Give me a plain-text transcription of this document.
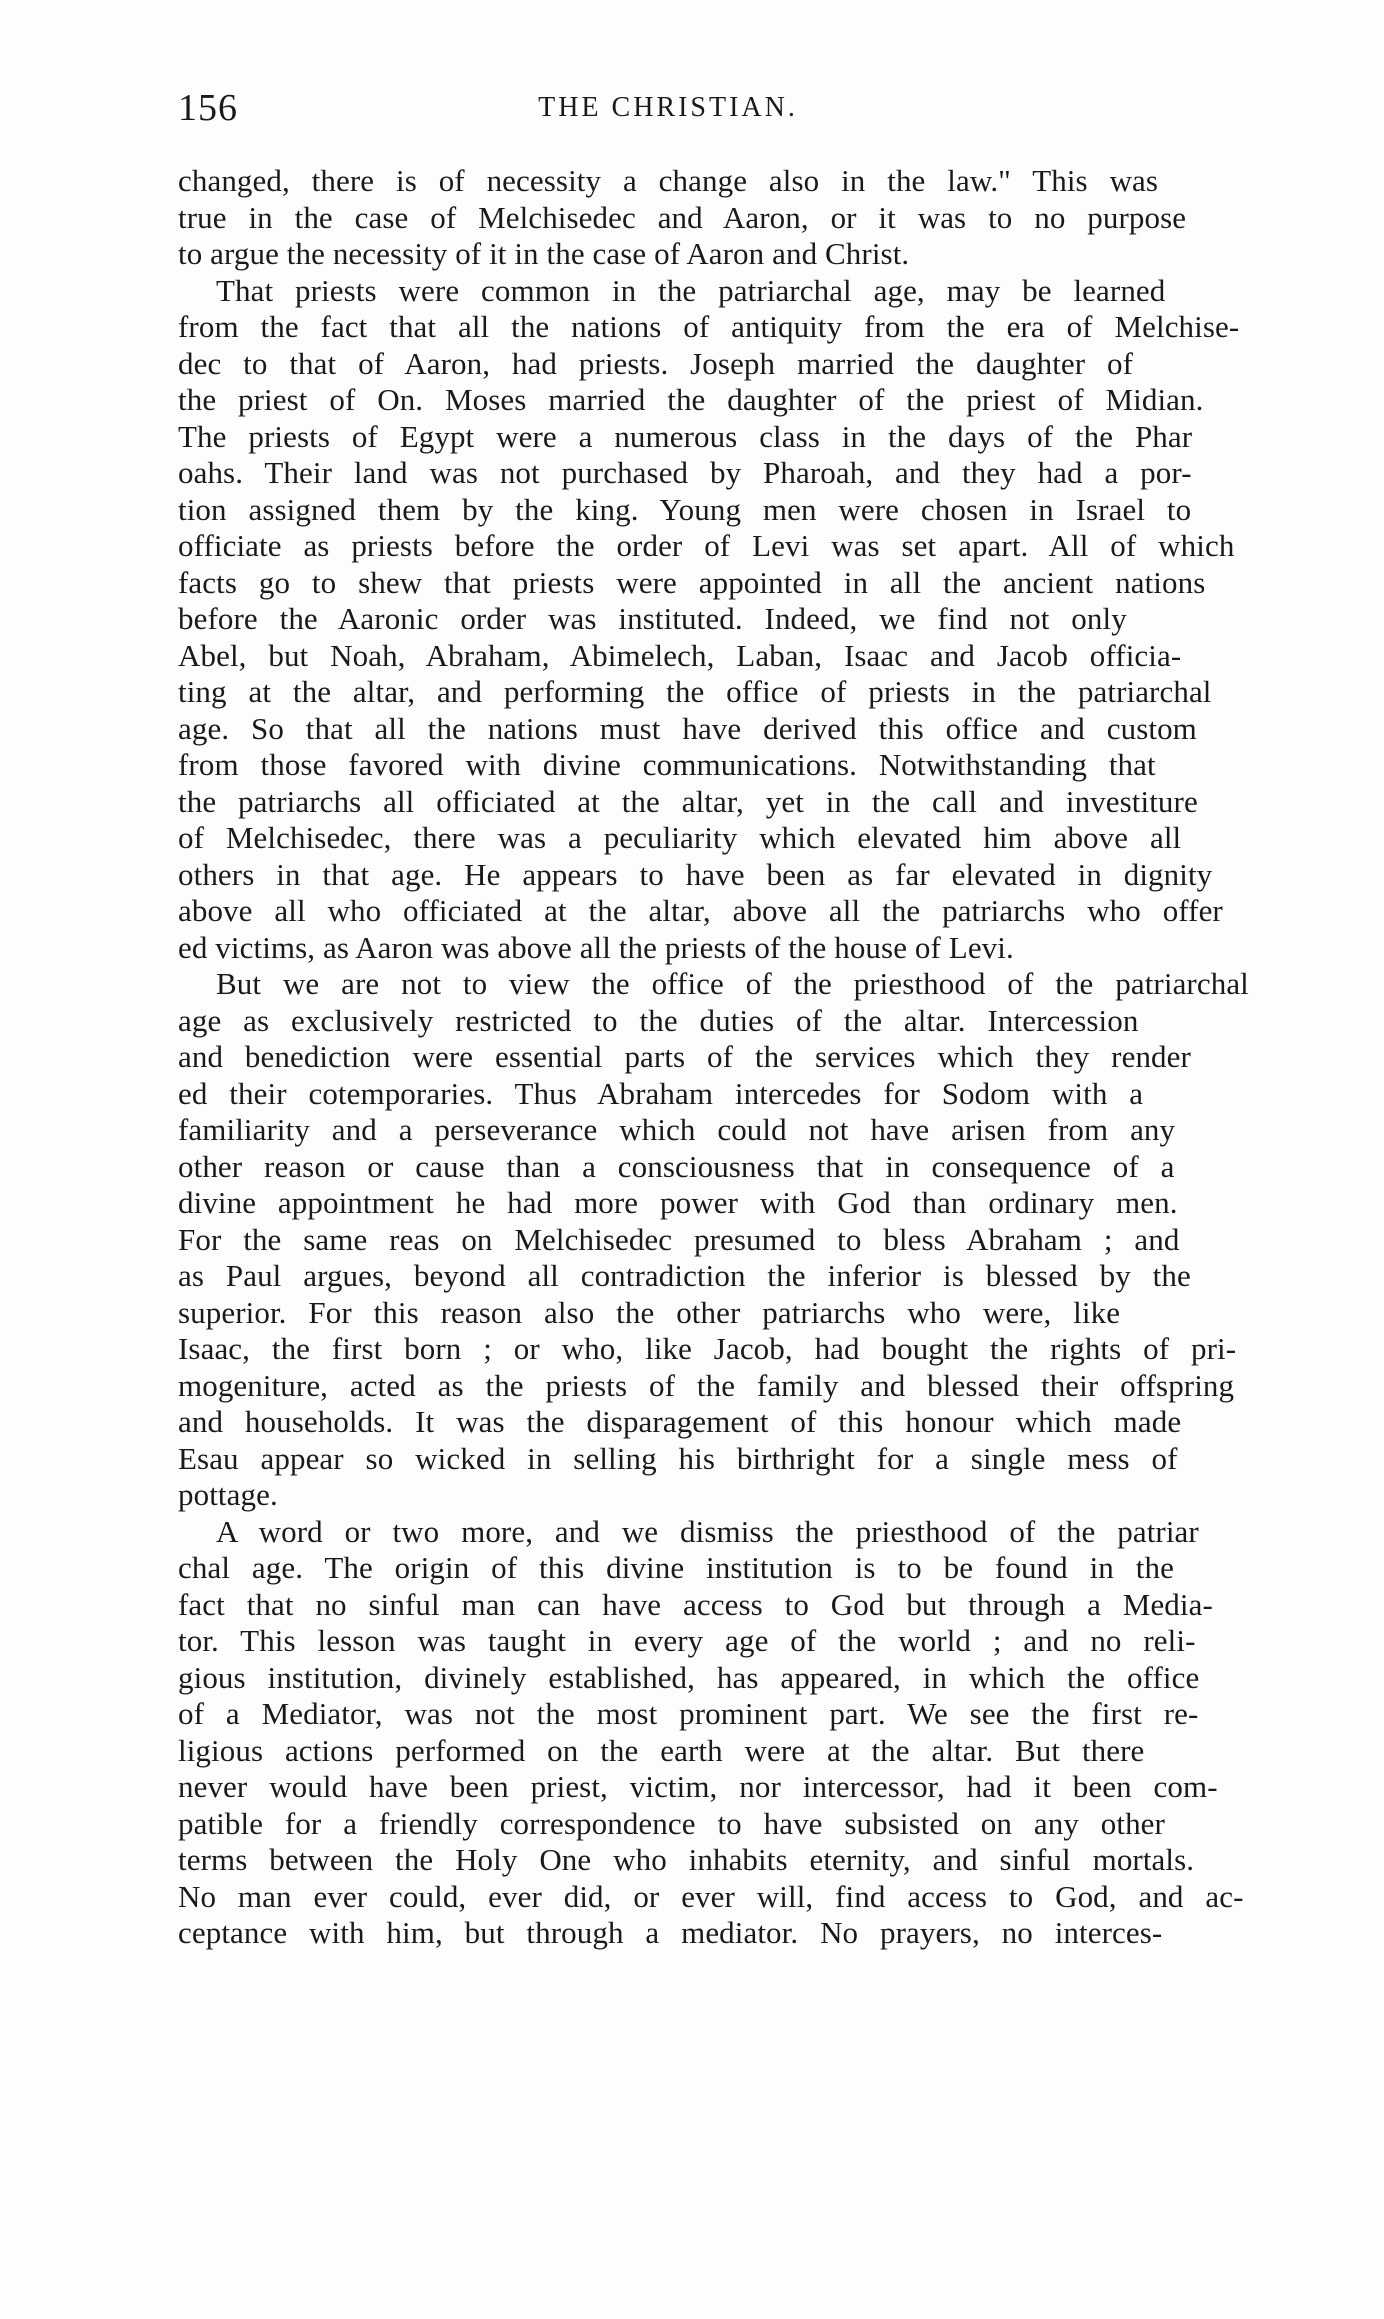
156	THE CHRISTIAN.
changed, there is of necessity a change also in the law." This was
true in the case of Melchisedec and Aaron, or it was to no purpose
to argue the necessity of it in the case of Aaron and Christ.
That priests were common in the patriarchal age, may be learned
from the fact that all the nations of antiquity from the era of Melchise-
dec to that of Aaron, had priests. Joseph married the daughter of
the priest of On. Moses married the daughter of the priest of Midian.
The priests of Egypt were a numerous class in the days of the Phar
oahs. Their land was not purchased by Pharoah, and they had a por-
tion assigned them by the king. Young men were chosen in Israel to
officiate as priests before the order of Levi was set apart. All of which
facts go to shew that priests were appointed in all the ancient nations
before the Aaronic order was instituted. Indeed, we find not only
Abel, but Noah, Abraham, Abimelech, Laban, Isaac and Jacob officia-
ting at the altar, and performing the office of priests in the patriarchal
age. So that all the nations must have derived this office and custom
from those favored with divine communications. Notwithstanding that
the patriarchs all officiated at the altar, yet in the call and investiture
of Melchisedec, there was a peculiarity which elevated him above all
others in that age. He appears to have been as far elevated in dignity
above all who officiated at the altar, above all the patriarchs who offer
ed victims, as Aaron was above all the priests of the house of Levi.
But we are not to view the office of the priesthood of the patriarchal
age as exclusively restricted to the duties of the altar. Intercession
and benediction were essential parts of the services which they render
ed their cotemporaries. Thus Abraham intercedes for Sodom with a
familiarity and a perseverance which could not have arisen from any
other reason or cause than a consciousness that in consequence of a
divine appointment he had more power with God than ordinary men.
For the same reas on Melchisedec presumed to bless Abraham ; and
as Paul argues, beyond all contradiction the inferior is blessed by the
superior. For this reason also the other patriarchs who were, like
Isaac, the first born ; or who, like Jacob, had bought the rights of pri-
mogeniture, acted as the priests of the family and blessed their offspring
and households. It was the disparagement of this honour which made
Esau appear so wicked in selling his birthright for a single mess of
pottage.
A word or two more, and we dismiss the priesthood of the patriar
chal age. The origin of this divine institution is to be found in the
fact that no sinful man can have access to God but through a Media-
tor. This lesson was taught in every age of the world ; and no reli-
gious institution, divinely established, has appeared, in which the office
of a Mediator, was not the most prominent part. We see the first re-
ligious actions performed on the earth were at the altar. But there
never would have been priest, victim, nor intercessor, had it been com-
patible for a friendly correspondence to have subsisted on any other
terms between the Holy One who inhabits eternity, and sinful mortals.
No man ever could, ever did, or ever will, find access to God, and ac-
ceptance with him, but through a mediator. No prayers, no interces-
